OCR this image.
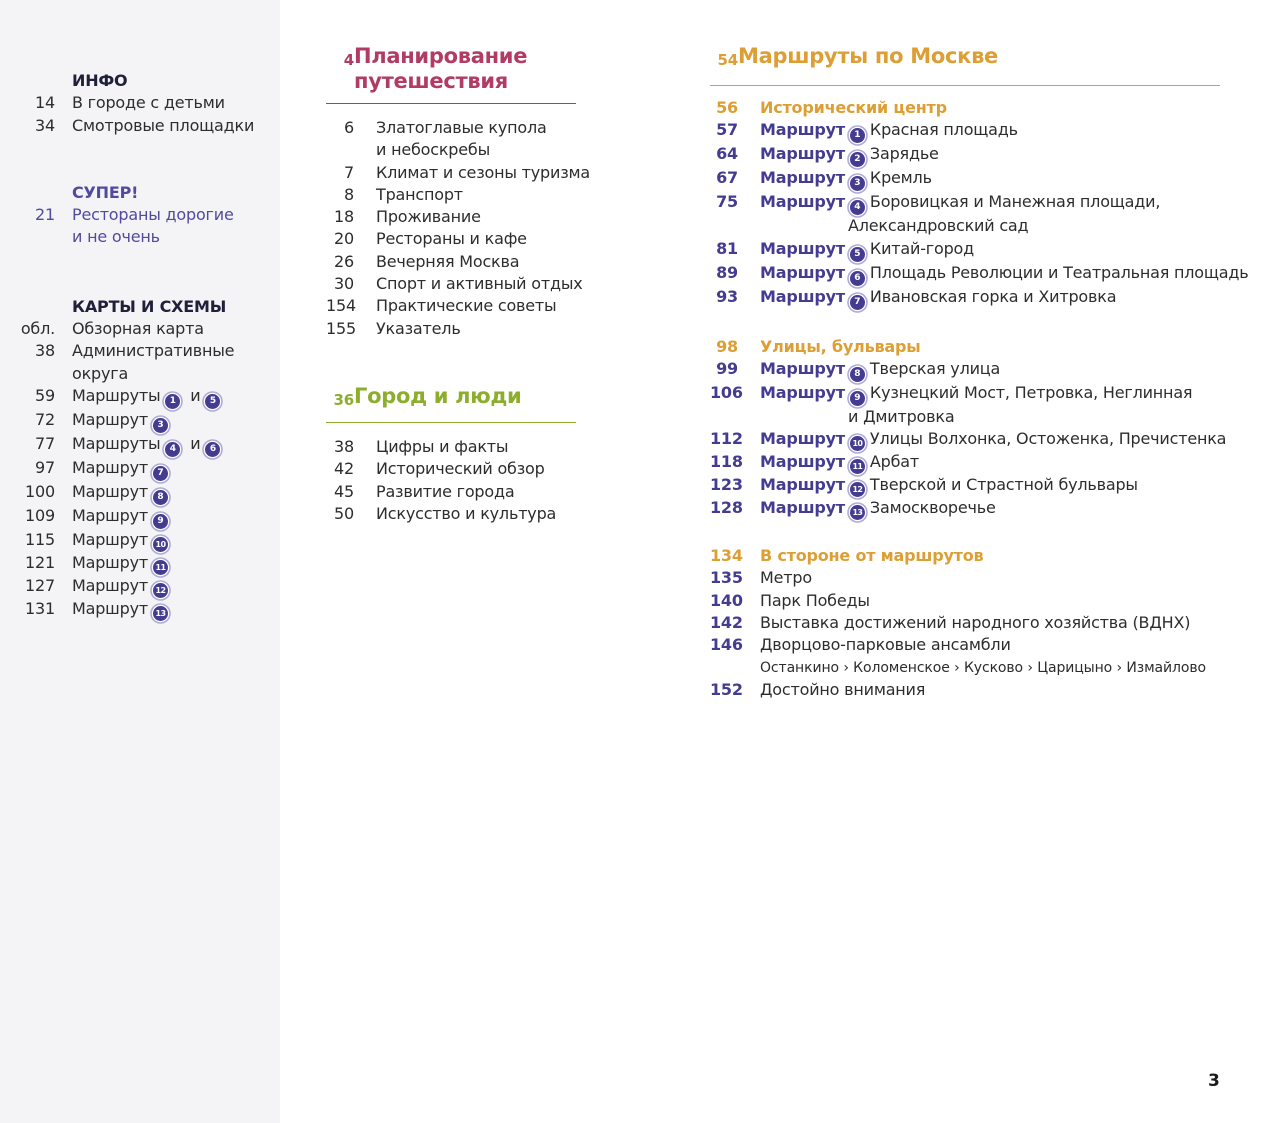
ИНФО
14 В городе с детьми
34 Смотровые площадки
СУПЕР!
21 Рестораны дорогие
и не очень
КАРТЫ И СХЕМЫ
обл. Обзорная карта
38 Административные
округа
59 Маршруты 1 и 5
72 Маршрут 3
77 Маршруты 4 и 6
97 Маршрут 7
100 Маршрут 8
109 Маршрут 9
115 Маршрут 10
121 Маршрут 11
127 Маршрут 12
131 Маршрут 13
4 Планирование
путешествия
6 Златоглавые купола
и небоскребы
7 Климат и сезоны туризма
8 Транспорт
18 Проживание
20 Рестораны и кафе
26 Вечерняя Москва
30 Спорт и активный отдых
154 Практические советы
155 Указатель
36 Город и люди
38 Цифры и факты
42 Исторический обзор
45 Развитие города
50 Искусство и культура
54 Маршруты по Москве
56 Исторический центр
57 Маршрут 1 Красная площадь
64 Маршрут 2 Зарядье
67 Маршрут 3 Кремль
75 Маршрут 4 Боровицкая и Манежная площади,
Александровский сад
81 Маршрут 5 Китай-город
89 Маршрут 6 Площадь Революции и Театральная площадь
93 Маршрут 7 Ивановская горка и Хитровка
98 Улицы, бульвары
99 Маршрут 8 Тверская улица
106 Маршрут 9 Кузнецкий Мост, Петровка, Неглинная
и Дмитровка
112 Маршрут 10 Улицы Волхонка, Остоженка, Пречистенка
118 Маршрут 11 Арбат
123 Маршрут 12 Тверской и Страстной бульвары
128 Маршрут 13 Замоскворечье
134 В стороне от маршрутов
135 Метро
140 Парк Победы
142 Выставка достижений народного хозяйства (ВДНХ)
146 Дворцово-парковые ансамбли
Останкино › Коломенское › Кусково › Царицыно › Измайлово
152 Достойно внимания
3
